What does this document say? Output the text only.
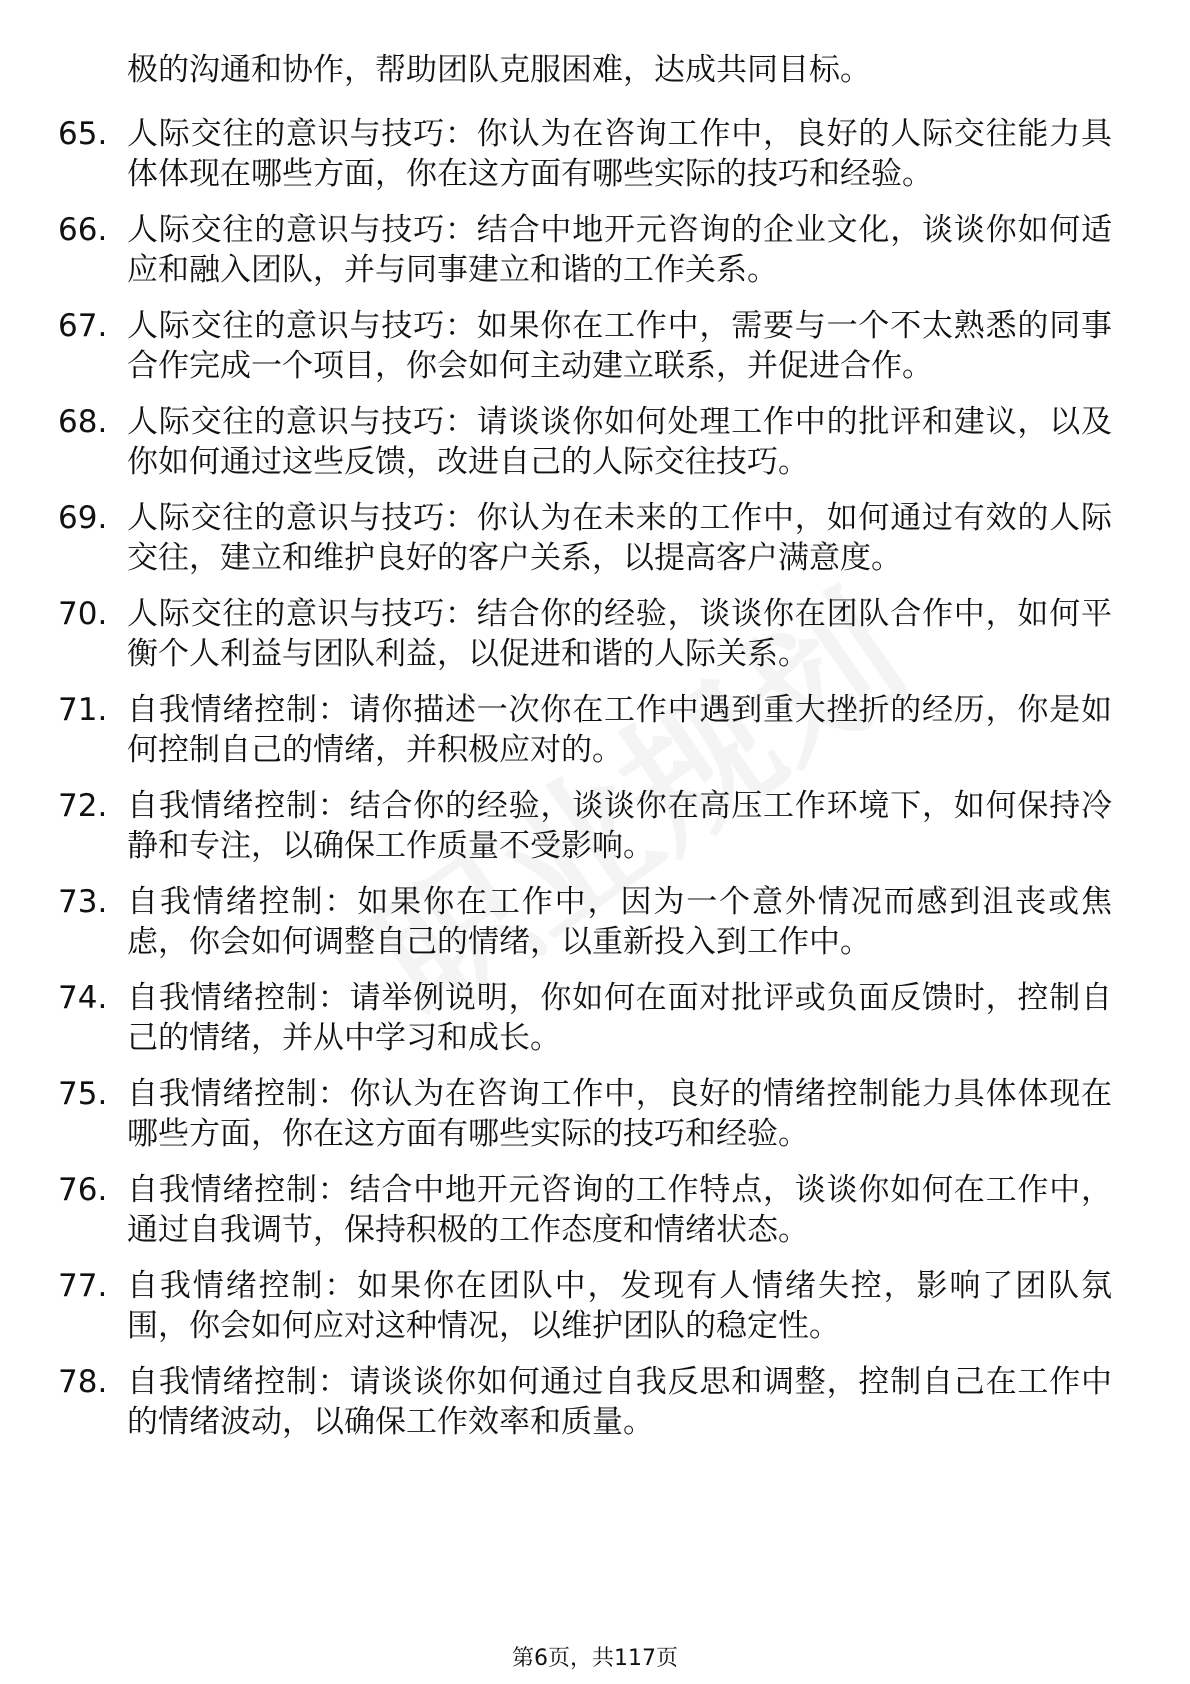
极的沟通和协作，帮助团队克服困难，达成共同目标。
65. 人际交往的意识与技巧：你认为在咨询工作中，良好的人际交往能力具体体现在哪些方面，你在这方面有哪些实际的技巧和经验。
66. 人际交往的意识与技巧：结合中地开元咨询的企业文化，谈谈你如何适应和融入团队，并与同事建立和谐的工作关系。
67. 人际交往的意识与技巧：如果你在工作中，需要与一个不太熟悉的同事合作完成一个项目，你会如何主动建立联系，并促进合作。
68. 人际交往的意识与技巧：请谈谈你如何处理工作中的批评和建议，以及你如何通过这些反馈，改进自己的人际交往技巧。
69. 人际交往的意识与技巧：你认为在未来的工作中，如何通过有效的人际交往，建立和维护良好的客户关系，以提高客户满意度。
70. 人际交往的意识与技巧：结合你的经验，谈谈你在团队合作中，如何平衡个人利益与团队利益，以促进和谐的人际关系。
71. 自我情绪控制：请你描述一次你在工作中遇到重大挫折的经历，你是如何控制自己的情绪，并积极应对的。
72. 自我情绪控制：结合你的经验，谈谈你在高压工作环境下，如何保持冷静和专注，以确保工作质量不受影响。
73. 自我情绪控制：如果你在工作中，因为一个意外情况而感到沮丧或焦虑，你会如何调整自己的情绪，以重新投入到工作中。
74. 自我情绪控制：请举例说明，你如何在面对批评或负面反馈时，控制自己的情绪，并从中学习和成长。
75. 自我情绪控制：你认为在咨询工作中，良好的情绪控制能力具体体现在哪些方面，你在这方面有哪些实际的技巧和经验。
76. 自我情绪控制：结合中地开元咨询的工作特点，谈谈你如何在工作中，通过自我调节，保持积极的工作态度和情绪状态。
77. 自我情绪控制：如果你在团队中，发现有人情绪失控，影响了团队氛围，你会如何应对这种情况，以维护团队的稳定性。
78. 自我情绪控制：请谈谈你如何通过自我反思和调整，控制自己在工作中的情绪波动，以确保工作效率和质量。
第6页，共117页
